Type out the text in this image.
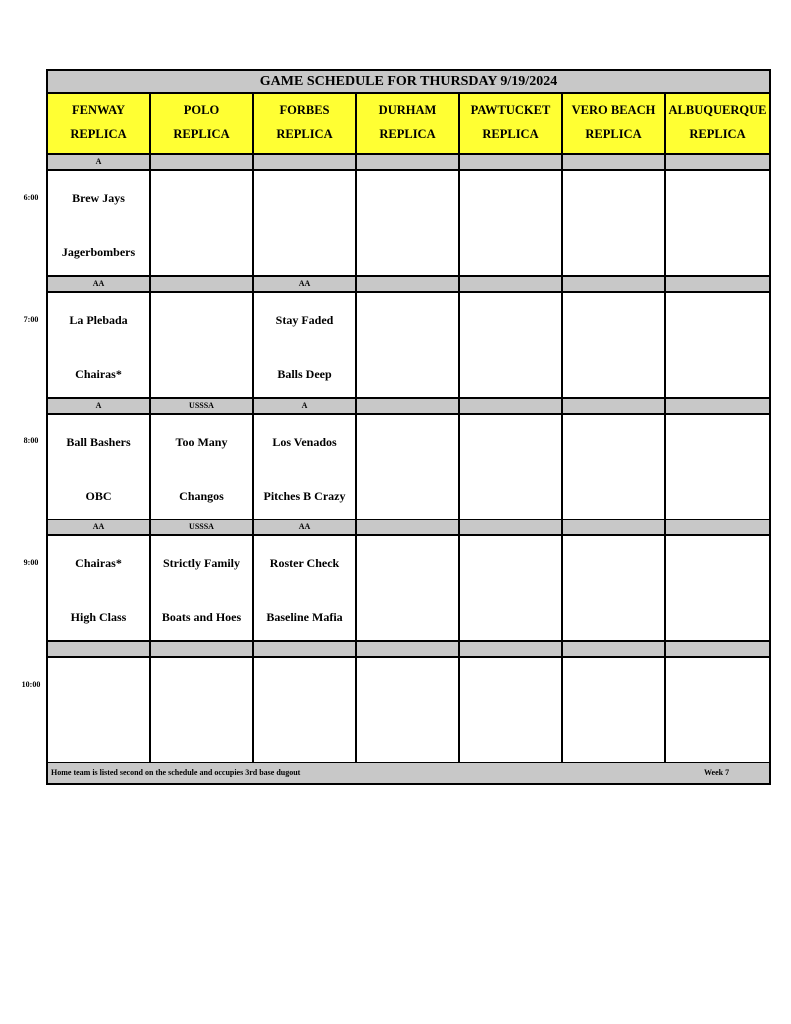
GAME SCHEDULE FOR THURSDAY 9/19/2024
FENWAY
REPLICA
POLO
REPLICA
FORBES
REPLICA
DURHAM
REPLICA
PAWTUCKET
REPLICA
VERO BEACH
REPLICA
ALBUQUERQUE
REPLICA
A
Brew Jays
Jagerbombers
AA
La Plebada
Chairas*
AA
Stay Faded
Balls Deep
A
Ball Bashers
OBC
USSSA
Too Many
Changos
A
Los Venados
Pitches B Crazy
AA
Chairas*
High Class
USSSA
Strictly Family
Boats and Hoes
AA
Roster Check
Baseline Mafia
Home team is listed second on the schedule and occupies 3rd base dugout	Week 7
6:00
7:00
8:00
9:00
10:00
